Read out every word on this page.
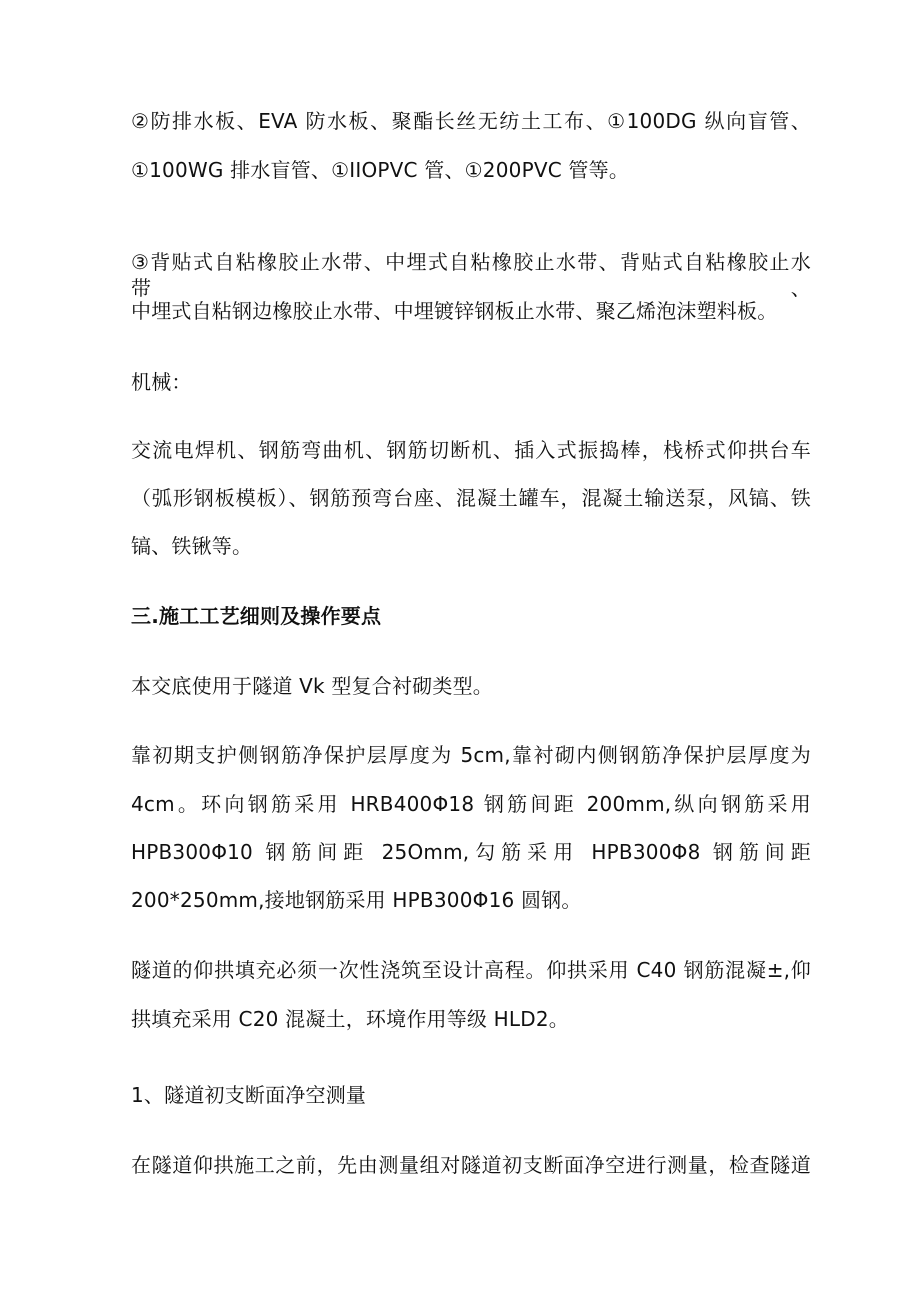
②防排水板、EVA 防水板、聚酯长丝无纺土工布、①100DG 纵向盲管、
①100WG 排水盲管、①IIOPVC 管、①200PVC 管等。
③背贴式自粘橡胶止水带、中埋式自粘橡胶止水带、背贴式自粘橡胶止水带、
中埋式自粘钢边橡胶止水带、中埋镀锌钢板止水带、聚乙烯泡沫塑料板。
机械：
交流电焊机、钢筋弯曲机、钢筋切断机、插入式振捣棒，栈桥式仰拱台车
（弧形钢板模板）、钢筋预弯台座、混凝土罐车，混凝土输送泵，风镐、铁
镐、铁锹等。
三.施工工艺细则及操作要点
本交底使用于隧道 Vk 型复合衬砌类型。
靠初期支护侧钢筋净保护层厚度为 5cm,靠衬砌内侧钢筋净保护层厚度为
4cm。环向钢筋采用 HRB400Φ18 钢筋间距 200mm,纵向钢筋采用
HPB300Φ10 钢筋间距 25Omm,勾筋采用 HPB300Φ8 钢筋间距
200*250mm,接地钢筋采用 HPB300Φ16 圆钢。
隧道的仰拱填充必须一次性浇筑至设计高程。仰拱采用 C40 钢筋混凝±,仰
拱填充采用 C20 混凝土，环境作用等级 HLD2。
1、隧道初支断面净空测量
在隧道仰拱施工之前，先由测量组对隧道初支断面净空进行测量，检查隧道
